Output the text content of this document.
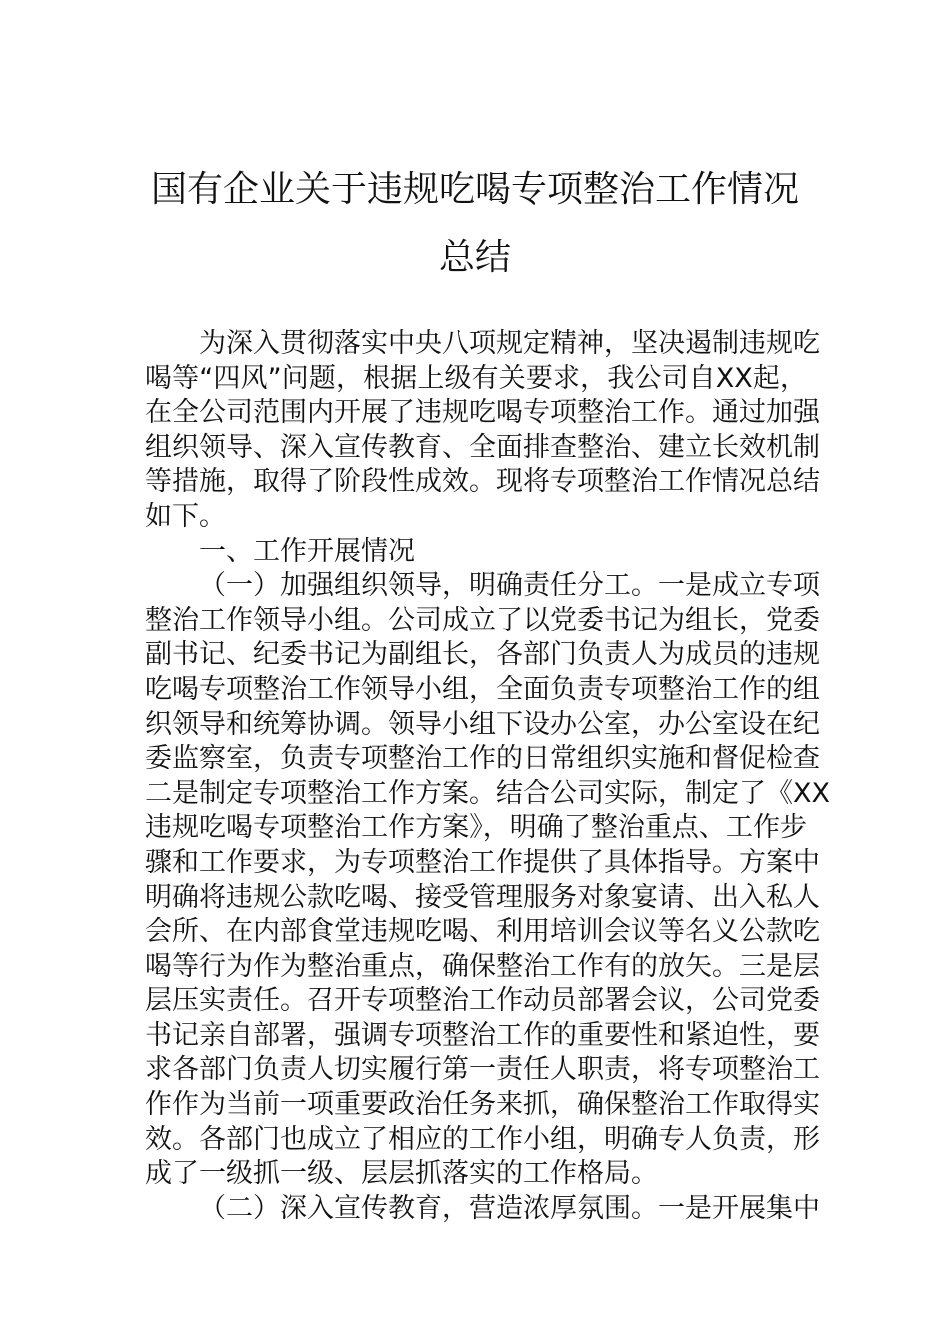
国有企业关于违规吃喝专项整治工作情况
总结
为深入贯彻落实中央八项规定精神，坚决遏制违规吃
喝等“四风”问题，根据上级有关要求，我公司自XX起，
在全公司范围内开展了违规吃喝专项整治工作。通过加强
组织领导、深入宣传教育、全面排查整治、建立长效机制
等措施，取得了阶段性成效。现将专项整治工作情况总结
如下。
一、工作开展情况
（一）加强组织领导，明确责任分工。一是成立专项
整治工作领导小组。公司成立了以党委书记为组长，党委
副书记、纪委书记为副组长，各部门负责人为成员的违规
吃喝专项整治工作领导小组，全面负责专项整治工作的组
织领导和统筹协调。领导小组下设办公室，办公室设在纪
委监察室，负责专项整治工作的日常组织实施和督促检查
二是制定专项整治工作方案。结合公司实际，制定了《XX
违规吃喝专项整治工作方案》，明确了整治重点、工作步
骤和工作要求，为专项整治工作提供了具体指导。方案中
明确将违规公款吃喝、接受管理服务对象宴请、出入私人
会所、在内部食堂违规吃喝、利用培训会议等名义公款吃
喝等行为作为整治重点，确保整治工作有的放矢。三是层
层压实责任。召开专项整治工作动员部署会议，公司党委
书记亲自部署，强调专项整治工作的重要性和紧迫性，要
求各部门负责人切实履行第一责任人职责，将专项整治工
作作为当前一项重要政治任务来抓，确保整治工作取得实
效。各部门也成立了相应的工作小组，明确专人负责，形
成了一级抓一级、层层抓落实的工作格局。
（二）深入宣传教育，营造浓厚氛围。一是开展集中
